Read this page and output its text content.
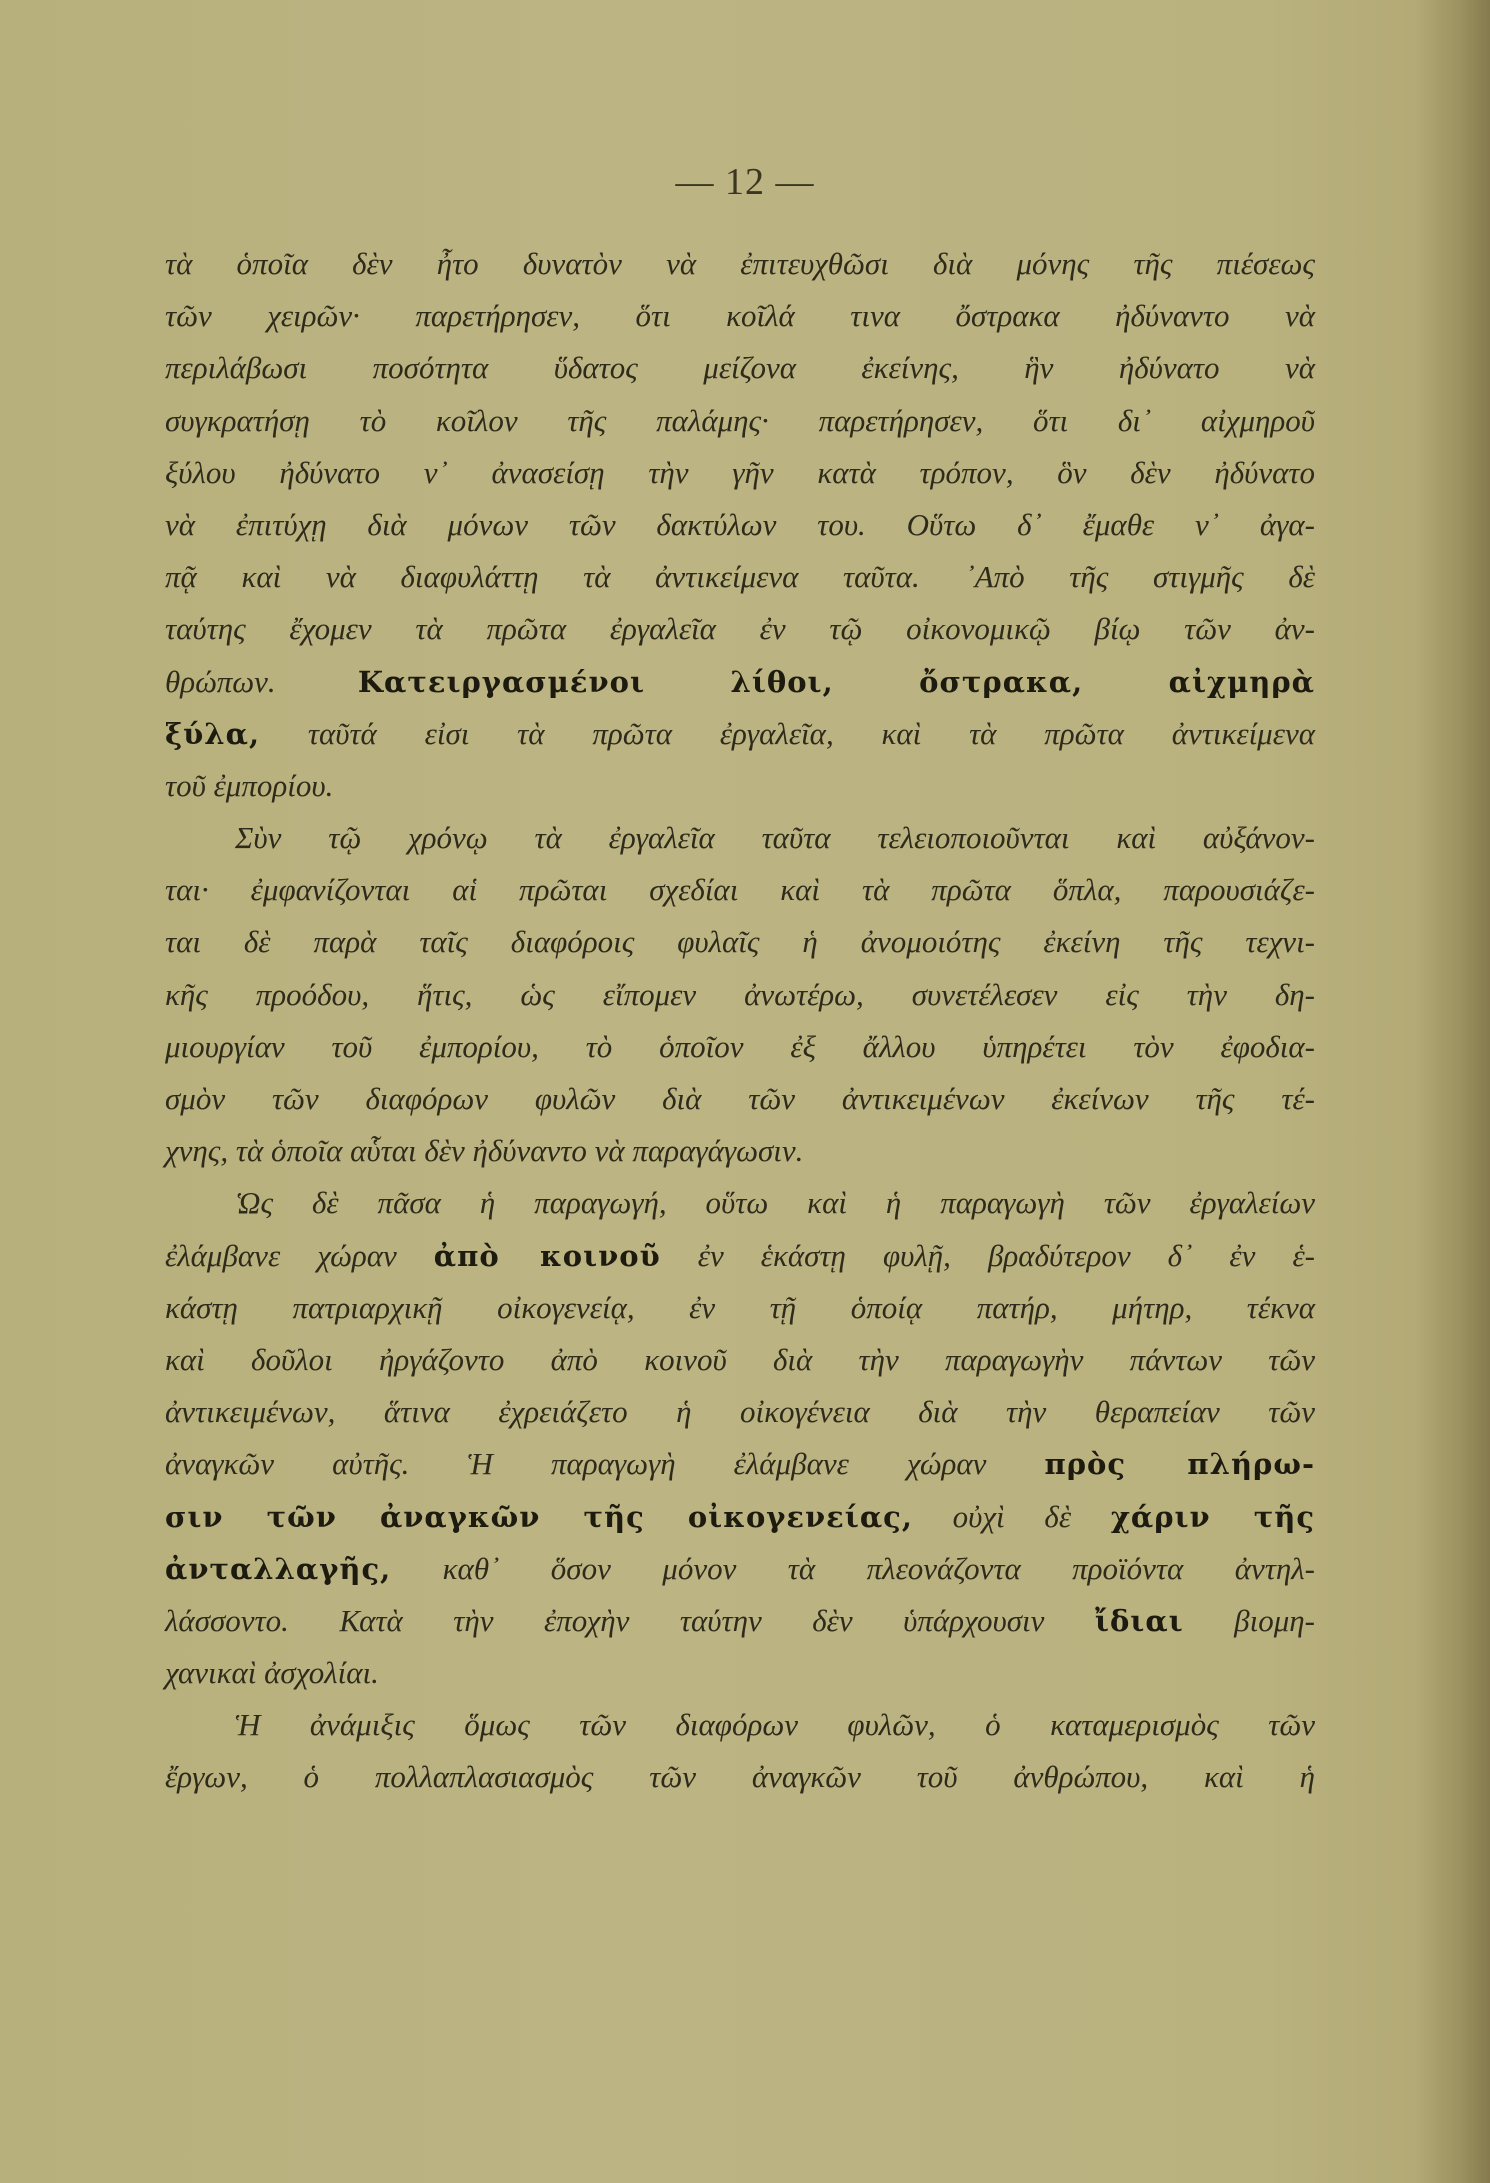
— 12 —
τὰ ὁποῖα δὲν ἦτο δυνατὸν νὰ ἐπιτευχθῶσι διὰ μόνης τῆς πιέσεως
τῶν χειρῶν· παρετήρησεν, ὅτι κοῖλά τινα ὄστρακα ἠδύναντο νὰ
περιλάβωσι ποσότητα ὕδατος μείζονα ἐκείνης, ἣν ἠδύνατο νὰ
συγκρατήσῃ τὸ κοῖλον τῆς παλάμης· παρετήρησεν, ὅτι δι᾽ αἰχμηροῦ
ξύλου ἠδύνατο ν᾽ ἀνασείσῃ τὴν γῆν κατὰ τρόπον, ὃν δὲν ἠδύνατο
νὰ ἐπιτύχῃ διὰ μόνων τῶν δακτύλων του. Οὕτω δ᾽ ἔμαθε ν᾽ ἀγα-
πᾷ καὶ νὰ διαφυλάττῃ τὰ ἀντικείμενα ταῦτα. ᾽Απὸ τῆς στιγμῆς δὲ
ταύτης ἔχομεν τὰ πρῶτα ἐργαλεῖα ἐν τῷ οἰκονομικῷ βίῳ τῶν ἀν-
θρώπων. Κατειργασμένοι λίθοι, ὄστρακα, αἰχμηρὰ
ξύλα, ταῦτά εἰσι τὰ πρῶτα ἐργαλεῖα, καὶ τὰ πρῶτα ἀντικείμενα
τοῦ ἐμπορίου.
Σὺν τῷ χρόνῳ τὰ ἐργαλεῖα ταῦτα τελειοποιοῦνται καὶ αὐξάνον-
ται· ἐμφανίζονται αἱ πρῶται σχεδίαι καὶ τὰ πρῶτα ὅπλα, παρουσιάζε-
ται δὲ παρὰ ταῖς διαφόροις φυλαῖς ἡ ἀνομοιότης ἐκείνη τῆς τεχνι-
κῆς προόδου, ἥτις, ὡς εἴπομεν ἀνωτέρω, συνετέλεσεν εἰς τὴν δη-
μιουργίαν τοῦ ἐμπορίου, τὸ ὁποῖον ἐξ ἄλλου ὑπηρέτει τὸν ἐφοδια-
σμὸν τῶν διαφόρων φυλῶν διὰ τῶν ἀντικειμένων ἐκείνων τῆς τέ-
χνης, τὰ ὁποῖα αὗται δὲν ἠδύναντο νὰ παραγάγωσιν.
Ὡς δὲ πᾶσα ἡ παραγωγή, οὕτω καὶ ἡ παραγωγὴ τῶν ἐργαλείων
ἐλάμβανε χώραν ἀπὸ κοινοῦ ἐν ἑκάστῃ φυλῇ, βραδύτερον δ᾽ ἐν ἑ-
κάστῃ πατριαρχικῇ οἰκογενείᾳ, ἐν τῇ ὁποίᾳ πατήρ, μήτηρ, τέκνα
καὶ δοῦλοι ἠργάζοντο ἀπὸ κοινοῦ διὰ τὴν παραγωγὴν πάντων τῶν
ἀντικειμένων, ἅτινα ἐχρειάζετο ἡ οἰκογένεια διὰ τὴν θεραπείαν τῶν
ἀναγκῶν αὐτῆς. Ἡ παραγωγὴ ἐλάμβανε χώραν πρὸς πλήρω-
σιν τῶν ἀναγκῶν τῆς οἰκογενείας, οὐχὶ δὲ χάριν τῆς
ἀνταλλαγῆς, καθ᾽ ὅσον μόνον τὰ πλεονάζοντα προϊόντα ἀντηλ-
λάσσοντο. Κατὰ τὴν ἐποχὴν ταύτην δὲν ὑπάρχουσιν ἴδιαι βιομη-
χανικαὶ ἀσχολίαι.
Ἡ ἀνάμιξις ὅμως τῶν διαφόρων φυλῶν, ὁ καταμερισμὸς τῶν
ἔργων, ὁ πολλαπλασιασμὸς τῶν ἀναγκῶν τοῦ ἀνθρώπου, καὶ ἡ
